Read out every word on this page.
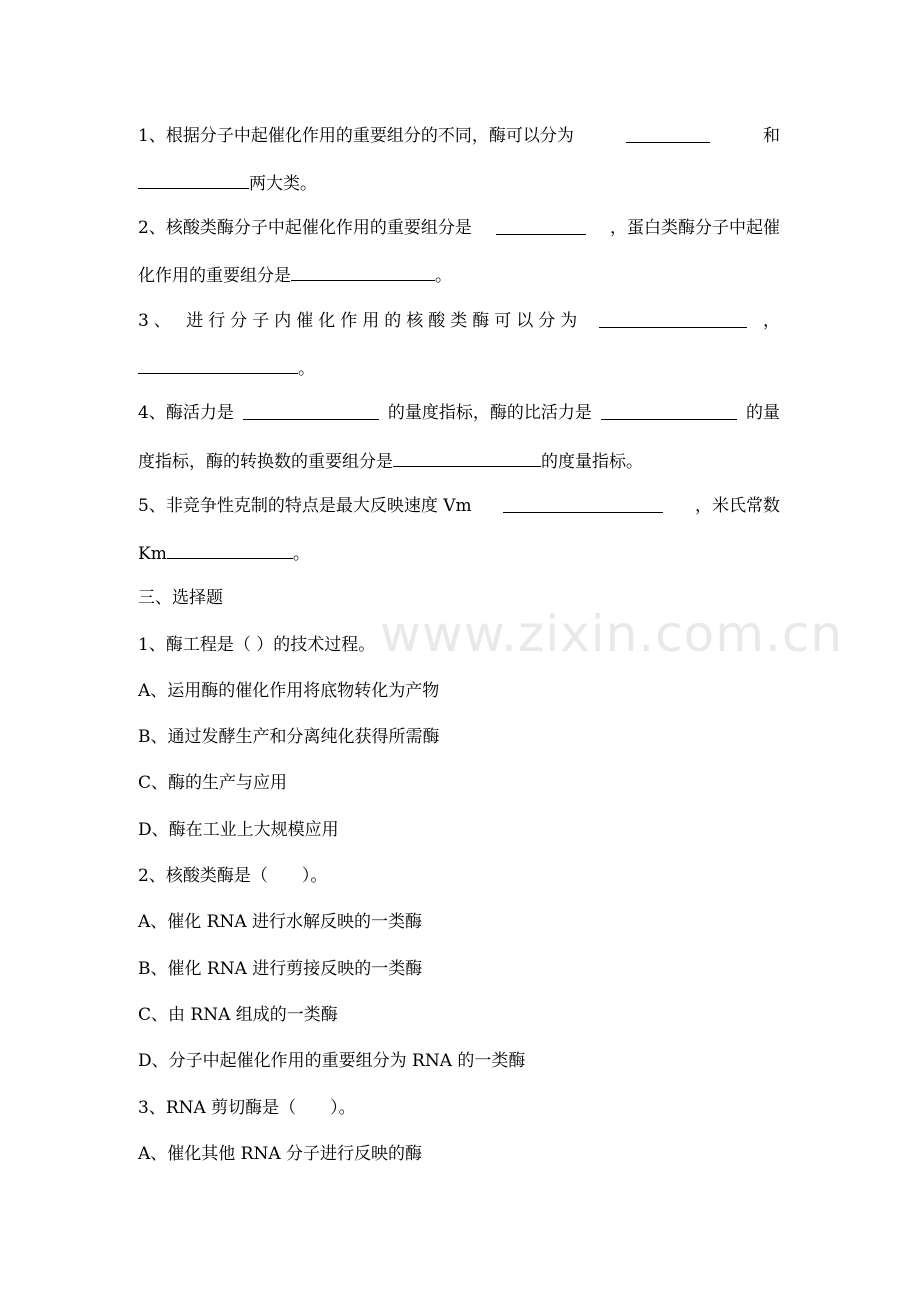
www.zixin.com.cn
1、根据分子中起催化作用的重要组分的不同，酶可以分为	和
两大类。
2、核酸类酶分子中起催化作用的重要组分是	，蛋白类酶分子中起催
化作用的重要组分是	。
3、 进行分子内催化作用的核酸类酶可以分为	，
。
4、酶活力是	的量度指标，酶的比活力是	的量
度指标，酶的转换数的重要组分是	的度量指标。
5、非竞争性克制的特点是最大反映速度 Vm	，米氏常数
Km	。
三、选择题
1、酶工程是（ ）的技术过程。
A、运用酶的催化作用将底物转化为产物
B、通过发酵生产和分离纯化获得所需酶
C、酶的生产与应用
D、酶在工业上大规模应用
2、核酸类酶是（　　）。
A、催化 RNA 进行水解反映的一类酶
B、催化 RNA 进行剪接反映的一类酶
C、由 RNA 组成的一类酶
D、分子中起催化作用的重要组分为 RNA 的一类酶
3、RNA 剪切酶是（　　）。
A、催化其他 RNA 分子进行反映的酶
